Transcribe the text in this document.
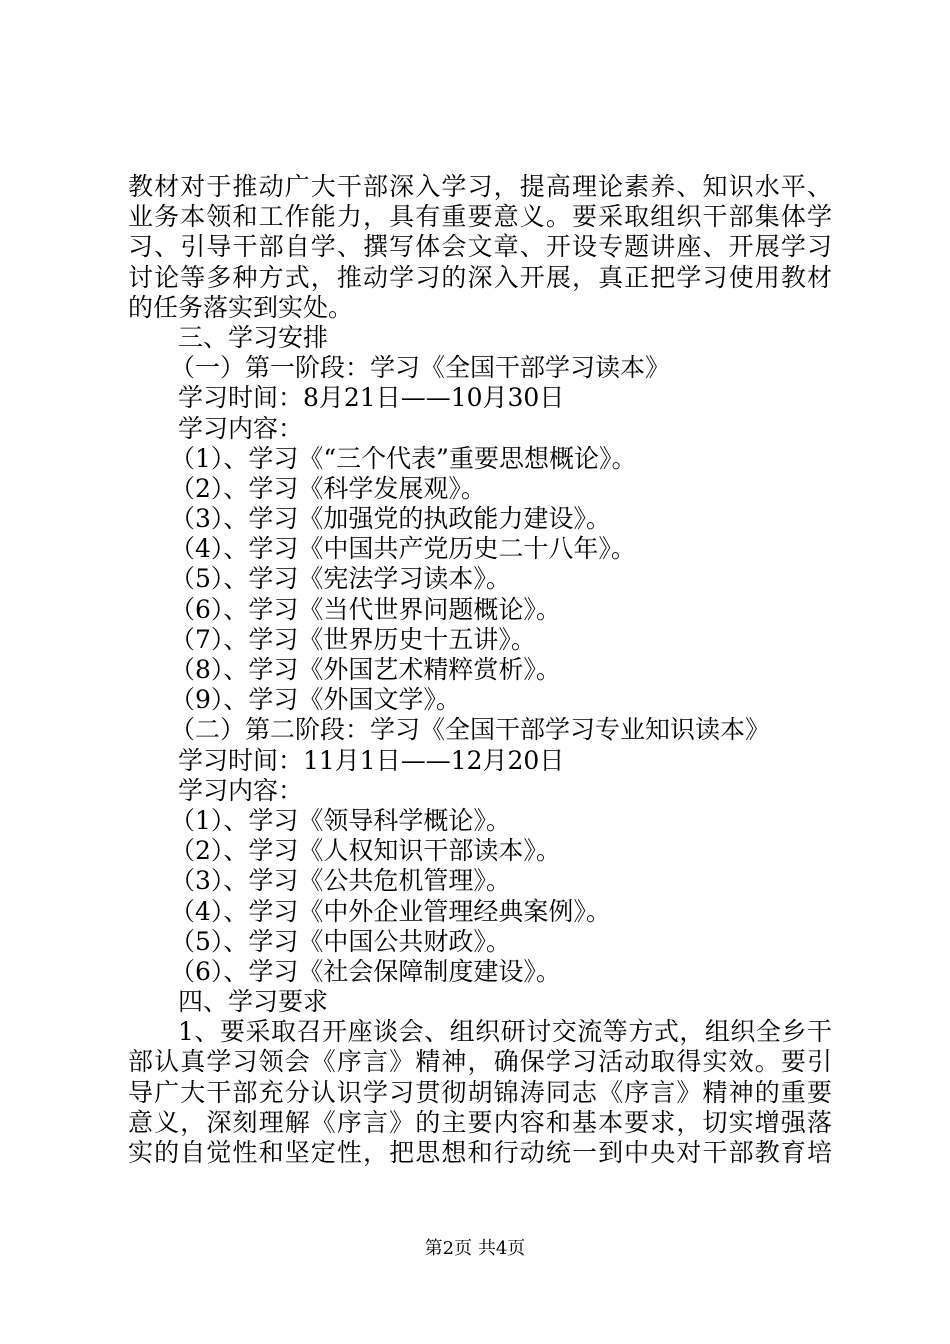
教材对于推动广大干部深入学习，提高理论素养、知识水平、
业务本领和工作能力，具有重要意义。要采取组织干部集体学
习、引导干部自学、撰写体会文章、开设专题讲座、开展学习
讨论等多种方式，推动学习的深入开展，真正把学习使用教材
的任务落实到实处。
三、学习安排
（一）第一阶段：学习《全国干部学习读本》
学习时间：8月21日——10月30日
学习内容：
（1）、学习《“三个代表”重要思想概论》。
（2）、学习《科学发展观》。
（3）、学习《加强党的执政能力建设》。
（4）、学习《中国共产党历史二十八年》。
（5）、学习《宪法学习读本》。
（6）、学习《当代世界问题概论》。
（7）、学习《世界历史十五讲》。
（8）、学习《外国艺术精粹赏析》。
（9）、学习《外国文学》。
（二）第二阶段：学习《全国干部学习专业知识读本》
学习时间：11月1日——12月20日
学习内容：
（1）、学习《领导科学概论》。
（2）、学习《人权知识干部读本》。
（3）、学习《公共危机管理》。
（4）、学习《中外企业管理经典案例》。
（5）、学习《中国公共财政》。
（6）、学习《社会保障制度建设》。
四、学习要求
1、要采取召开座谈会、组织研讨交流等方式，组织全乡干
部认真学习领会《序言》精神，确保学习活动取得实效。要引
导广大干部充分认识学习贯彻胡锦涛同志《序言》精神的重要
意义，深刻理解《序言》的主要内容和基本要求，切实增强落
实的自觉性和坚定性，把思想和行动统一到中央对干部教育培
第2页 共4页
